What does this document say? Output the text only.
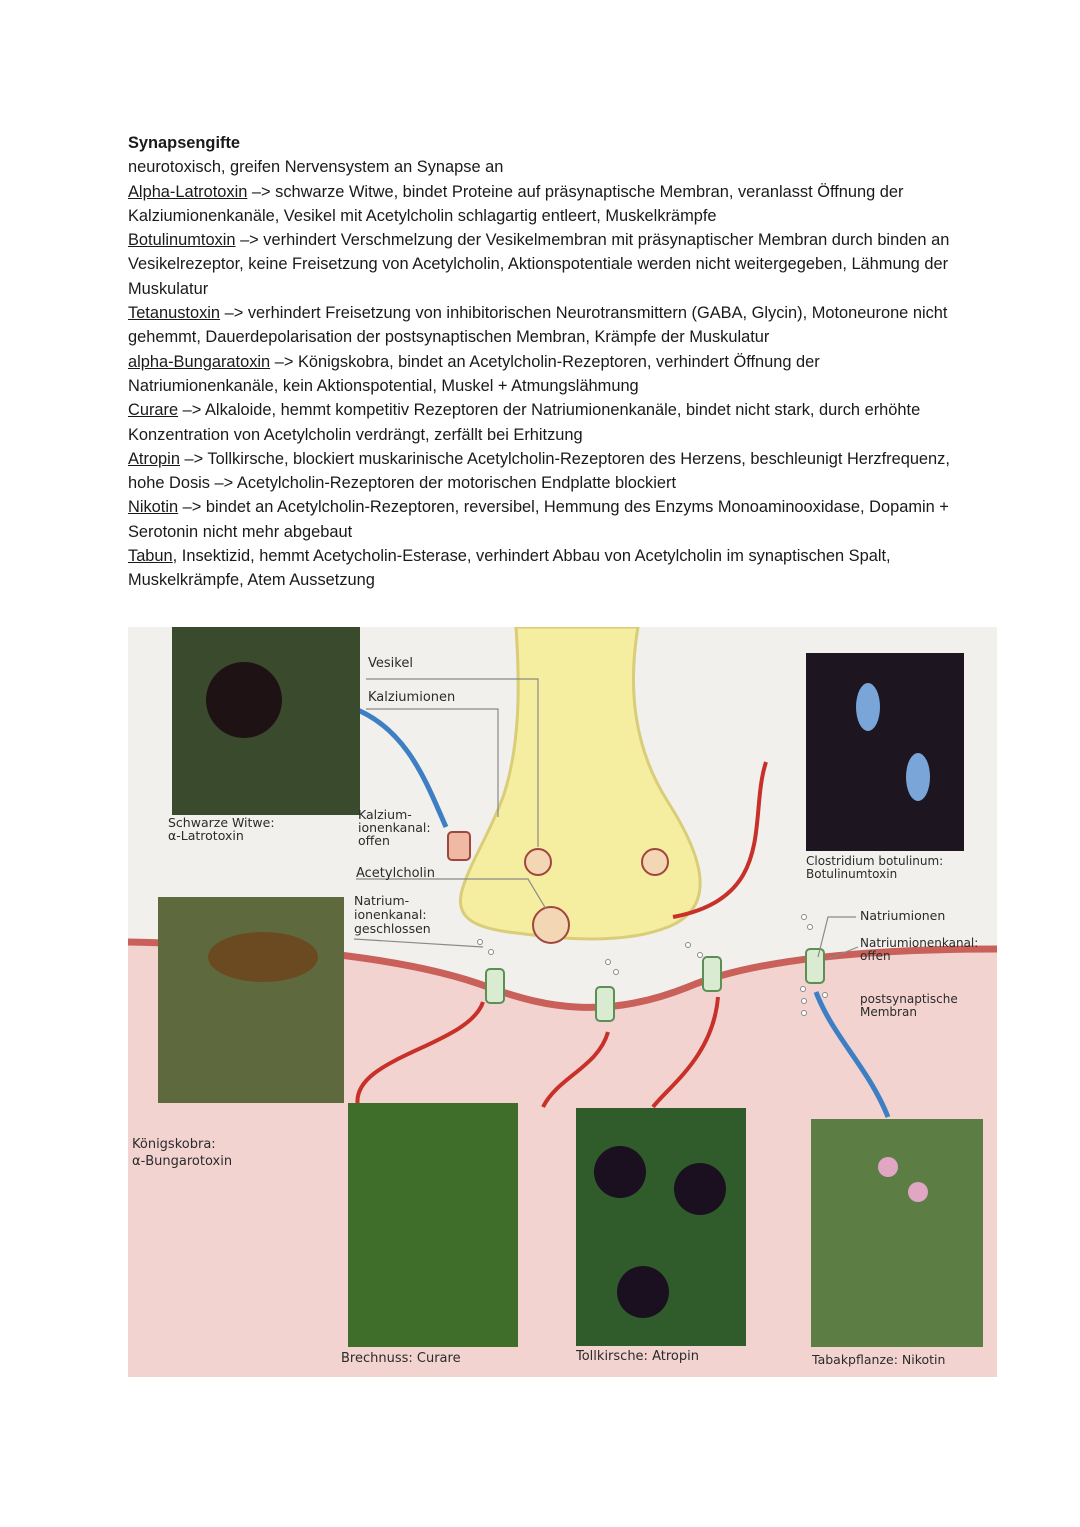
Synapsengifte

neurotoxisch, greifen Nervensystem an Synapse an

Alpha-Latrotoxin –> schwarze Witwe, bindet Proteine auf präsynaptische Membran, veranlasst Öffnung der Kalziumionenkanäle, Vesikel mit Acetylcholin schlagartig entleert, Muskelkrämpfe

Botulinumtoxin –> verhindert Verschmelzung der Vesikelmembran mit präsynaptischer Membran durch binden an Vesikelrezeptor, keine Freisetzung von Acetylcholin, Aktionspotentiale werden nicht weitergegeben, Lähmung der Muskulatur

Tetanustoxin –> verhindert Freisetzung von inhibitorischen Neurotransmittern (GABA, Glycin), Motoneurone nicht gehemmt, Dauerdepolarisation der postsynaptischen Membran, Krämpfe der Muskulatur

alpha-Bungaratoxin –> Königskobra, bindet an Acetylcholin-Rezeptoren, verhindert Öffnung der Natriumionenkanäle, kein Aktionspotential, Muskel + Atmungslähmung

Curare –> Alkaloide, hemmt kompetitiv Rezeptoren der Natriumionenkanäle, bindet nicht stark, durch erhöhte Konzentration von Acetylcholin verdrängt, zerfällt bei Erhitzung

Atropin –> Tollkirsche, blockiert muskarinische Acetylcholin-Rezeptoren des Herzens, beschleunigt Herzfrequenz, hohe Dosis –> Acetylcholin-Rezeptoren der motorischen Endplatte blockiert

Nikotin –> bindet an Acetylcholin-Rezeptoren, reversibel, Hemmung des Enzyms Monoaminooxidase, Dopamin + Serotonin nicht mehr abgebaut

Tabun, Insektizid, hemmt Acetycholin-Esterase, verhindert Abbau von Acetylcholin im synaptischen Spalt, Muskelkrämpfe, Atem Aussetzung

Vesikel
Kalziumionen
Kalzium-
ionenkanal:
offen
Acetylcholin
Natrium-
ionenkanal:
geschlossen
Natriumionen
Natriumionenkanal:
offen
postsynaptische
Membran
Schwarze Witwe:
α-Latrotoxin
Königskobra:
α-Bungarotoxin
Clostridium botulinum:
Botulinumtoxin
Brechnuss: Curare	Tollkirsche: Atropin	Tabakpflanze: Nikotin
